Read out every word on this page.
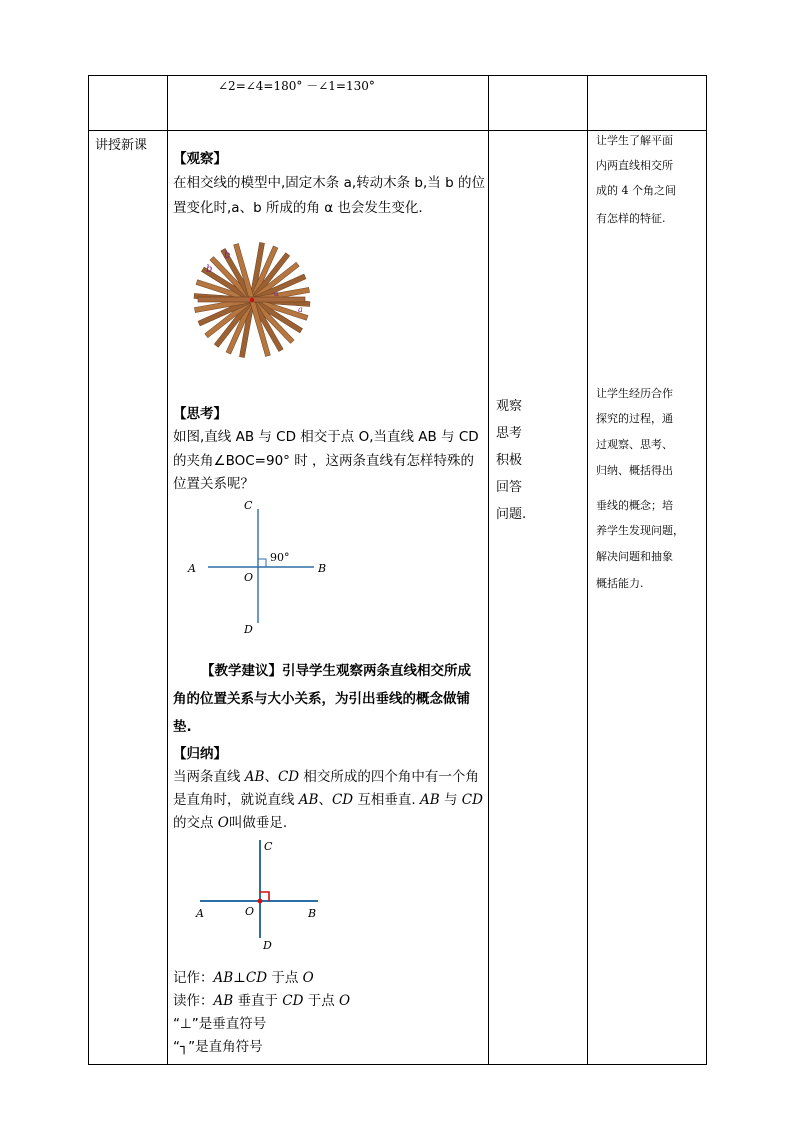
∠2=∠4=180° －∠1=130°
讲授新课
【观察】
在相交线的模型中,固定木条 a,转动木条 b,当 b 的位
置变化时,a、b 所成的角 α 也会发生变化.
b
b
a
α
【思考】
如图,直线 AB 与 CD 相交于点 O,当直线 AB 与 CD
的夹角∠BOC=90° 时 ，这两条直线有怎样特殊的
位置关系呢？
90°
C
A
O
B
D
【教学建议】引导学生观察两条直线相交所成
角的位置关系与大小关系，为引出垂线的概念做铺
垫.
【归纳】
当两条直线 AB、CD 相交所成的四个角中有一个角
是直角时，就说直线 AB、CD 互相垂直. AB 与 CD
的交点 O叫做垂足.
C
A	O	B
D
记作：AB⊥CD 于点 O
读作：AB 垂直于 CD 于点 O
“⊥”是垂直符号
“┐”是直角符号
观察
思考
积极
回答
问题.
让学生了解平面
内两直线相交所
成的 4 个角之间
有怎样的特征.
让学生经历合作
探究的过程，通
过观察、思考、
归纳、概括得出
垂线的概念；培
养学生发现问题，
解决问题和抽象
概括能力.
